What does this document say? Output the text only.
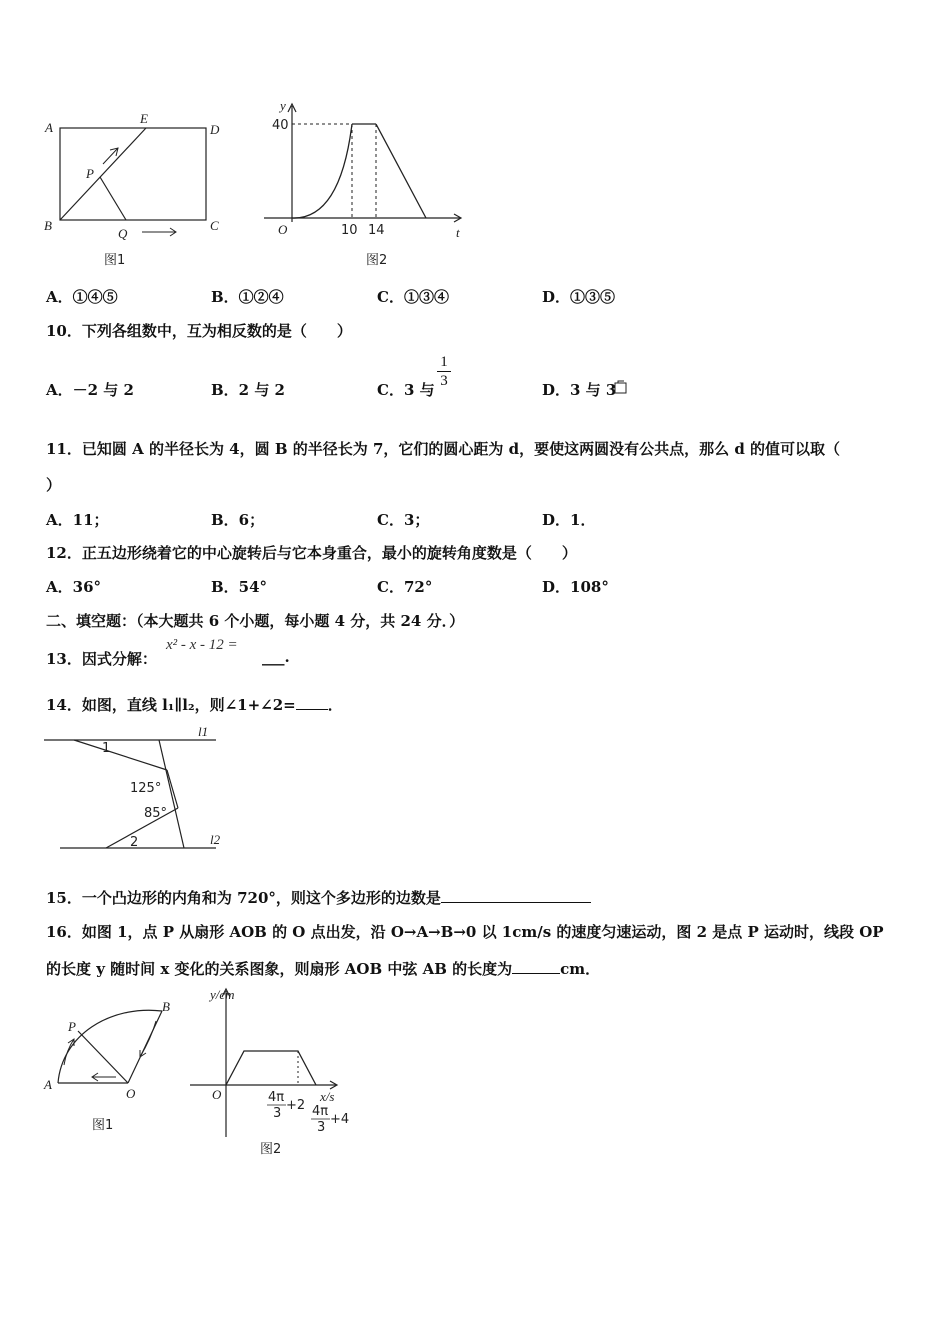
A
E
D
P
B
Q
C
图1
y
40
O	10 14	t
图2
A．①④⑤	B．①②④	C．①③④	D．①③⑤
10．下列各组数中，互为相反数的是（　　）
A．－2 与 2	B．2 与 2	C．3 与
1
3	D．3 与 3
11．已知圆 A 的半径长为 4，圆 B 的半径长为 7，它们的圆心距为 d，要使这两圆没有公共点，那么 d 的值可以取（
）
A．11；	B．6；	C．3；	D．1．
12．正五边形绕着它的中心旋转后与它本身重合，最小的旋转角度数是（　　）
A．36°	B．54°	C．72°	D．108°
二、填空题：（本大题共 6 个小题，每小题 4 分，共 24 分．）
13．因式分解：
x² - x - 12 =
___.
14．如图，直线 l₁∥l₂，则∠1+∠2= ．
1
2
125°
85°
l1
l2
15．一个凸边形的内角和为 720°，则这个多边形的边数是
16．如图 1，点 P 从扇形 AOB 的 O 点出发，沿 O→A→B→0 以 1cm/s 的速度匀速运动，图 2 是点 P 运动时，线段 OP
的长度 y 随时间 x 变化的关系图象，则扇形 AOB 中弦 AB 的长度为	cm．
P
B
A
O
图1
y/cm
x/s
O	4π
3
+2 4π
3
+4
图2
